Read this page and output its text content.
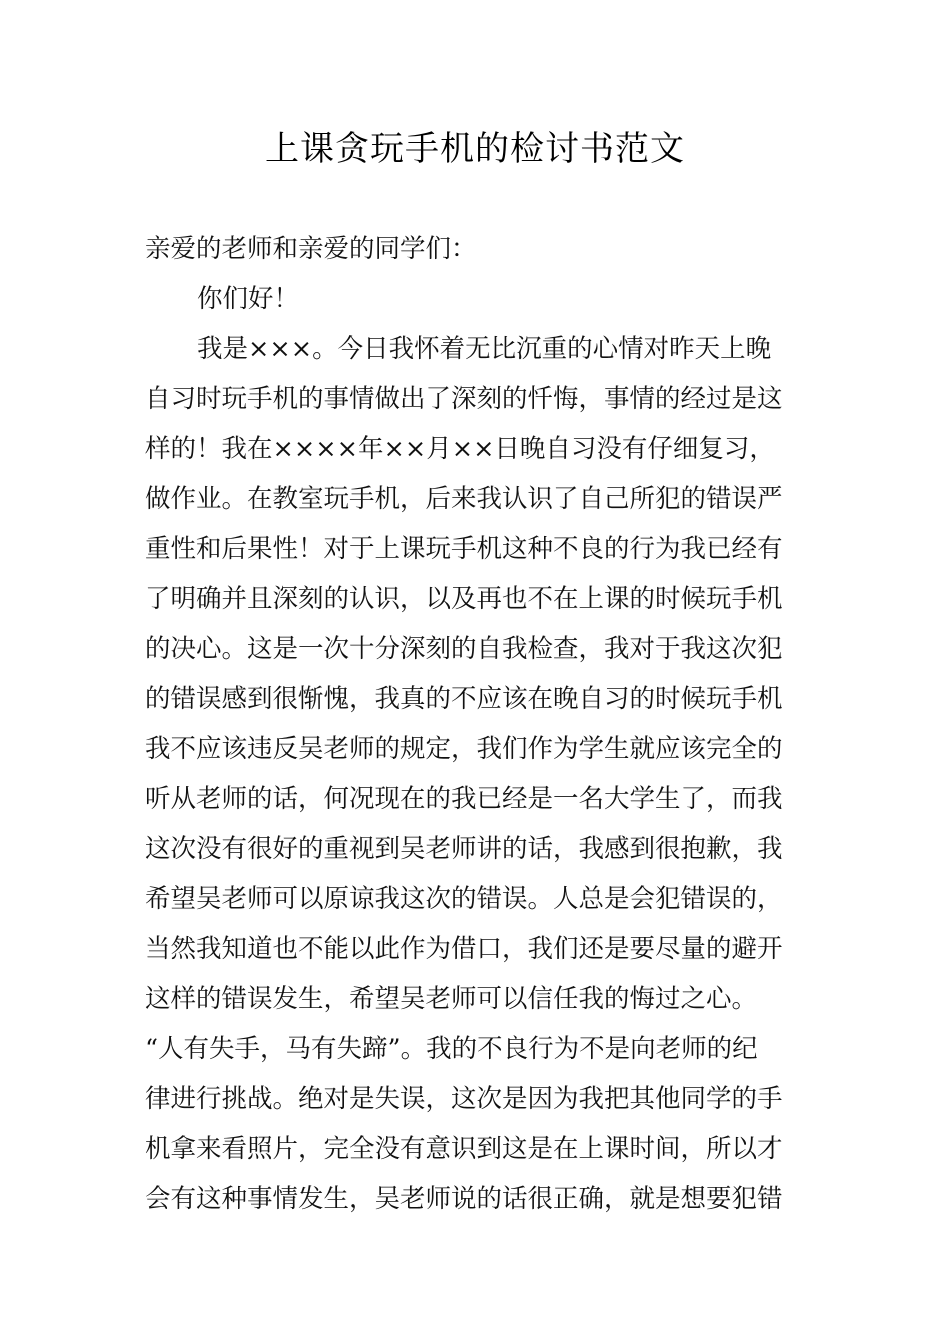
上课贪玩手机的检讨书范文
亲爱的老师和亲爱的同学们：
你们好！
我是×××。今日我怀着无比沉重的心情对昨天上晚
自习时玩手机的事情做出了深刻的忏悔，事情的经过是这
样的！我在××××年××月××日晚自习没有仔细复习，
做作业。在教室玩手机，后来我认识了自己所犯的错误严
重性和后果性！对于上课玩手机这种不良的行为我已经有
了明确并且深刻的认识，以及再也不在上课的时候玩手机
的决心。这是一次十分深刻的自我检查，我对于我这次犯
的错误感到很惭愧，我真的不应该在晚自习的时候玩手机
我不应该违反吴老师的规定，我们作为学生就应该完全的
听从老师的话，何况现在的我已经是一名大学生了，而我
这次没有很好的重视到吴老师讲的话，我感到很抱歉，我
希望吴老师可以原谅我这次的错误。人总是会犯错误的，
当然我知道也不能以此作为借口，我们还是要尽量的避开
这样的错误发生，希望吴老师可以信任我的悔过之心。
“人有失手，马有失蹄”。我的不良行为不是向老师的纪
律进行挑战。绝对是失误，这次是因为我把其他同学的手
机拿来看照片，完全没有意识到这是在上课时间，所以才
会有这种事情发生，吴老师说的话很正确，就是想要犯错
